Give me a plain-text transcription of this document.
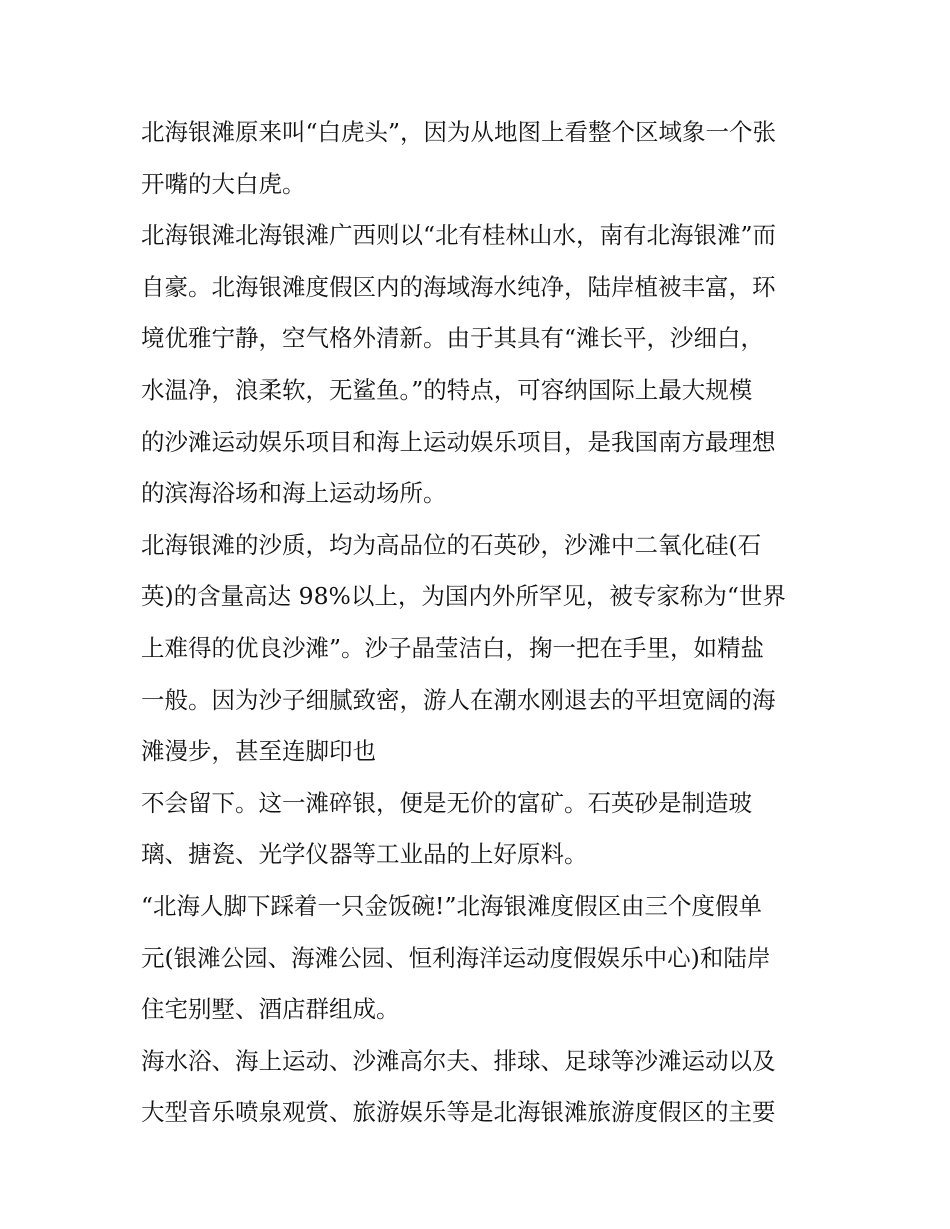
北海银滩原来叫“白虎头”，因为从地图上看整个区域象一个张
开嘴的大白虎。
北海银滩北海银滩广西则以“北有桂林山水，南有北海银滩”而
自豪。北海银滩度假区内的海域海水纯净，陆岸植被丰富，环
境优雅宁静，空气格外清新。由于其具有“滩长平，沙细白，
水温净，浪柔软，无鲨鱼。”的特点，可容纳国际上最大规模
的沙滩运动娱乐项目和海上运动娱乐项目，是我国南方最理想
的滨海浴场和海上运动场所。
北海银滩的沙质，均为高品位的石英砂，沙滩中二氧化硅(石
英)的含量高达 98%以上，为国内外所罕见，被专家称为“世界
上难得的优良沙滩”。沙子晶莹洁白，掬一把在手里，如精盐
一般。因为沙子细腻致密，游人在潮水刚退去的平坦宽阔的海
滩漫步，甚至连脚印也
不会留下。这一滩碎银，便是无价的富矿。石英砂是制造玻
璃、搪瓷、光学仪器等工业品的上好原料。
“北海人脚下踩着一只金饭碗!”北海银滩度假区由三个度假单
元(银滩公园、海滩公园、恒利海洋运动度假娱乐中心)和陆岸
住宅别墅、酒店群组成。
海水浴、海上运动、沙滩高尔夫、排球、足球等沙滩运动以及
大型音乐喷泉观赏、旅游娱乐等是北海银滩旅游度假区的主要
